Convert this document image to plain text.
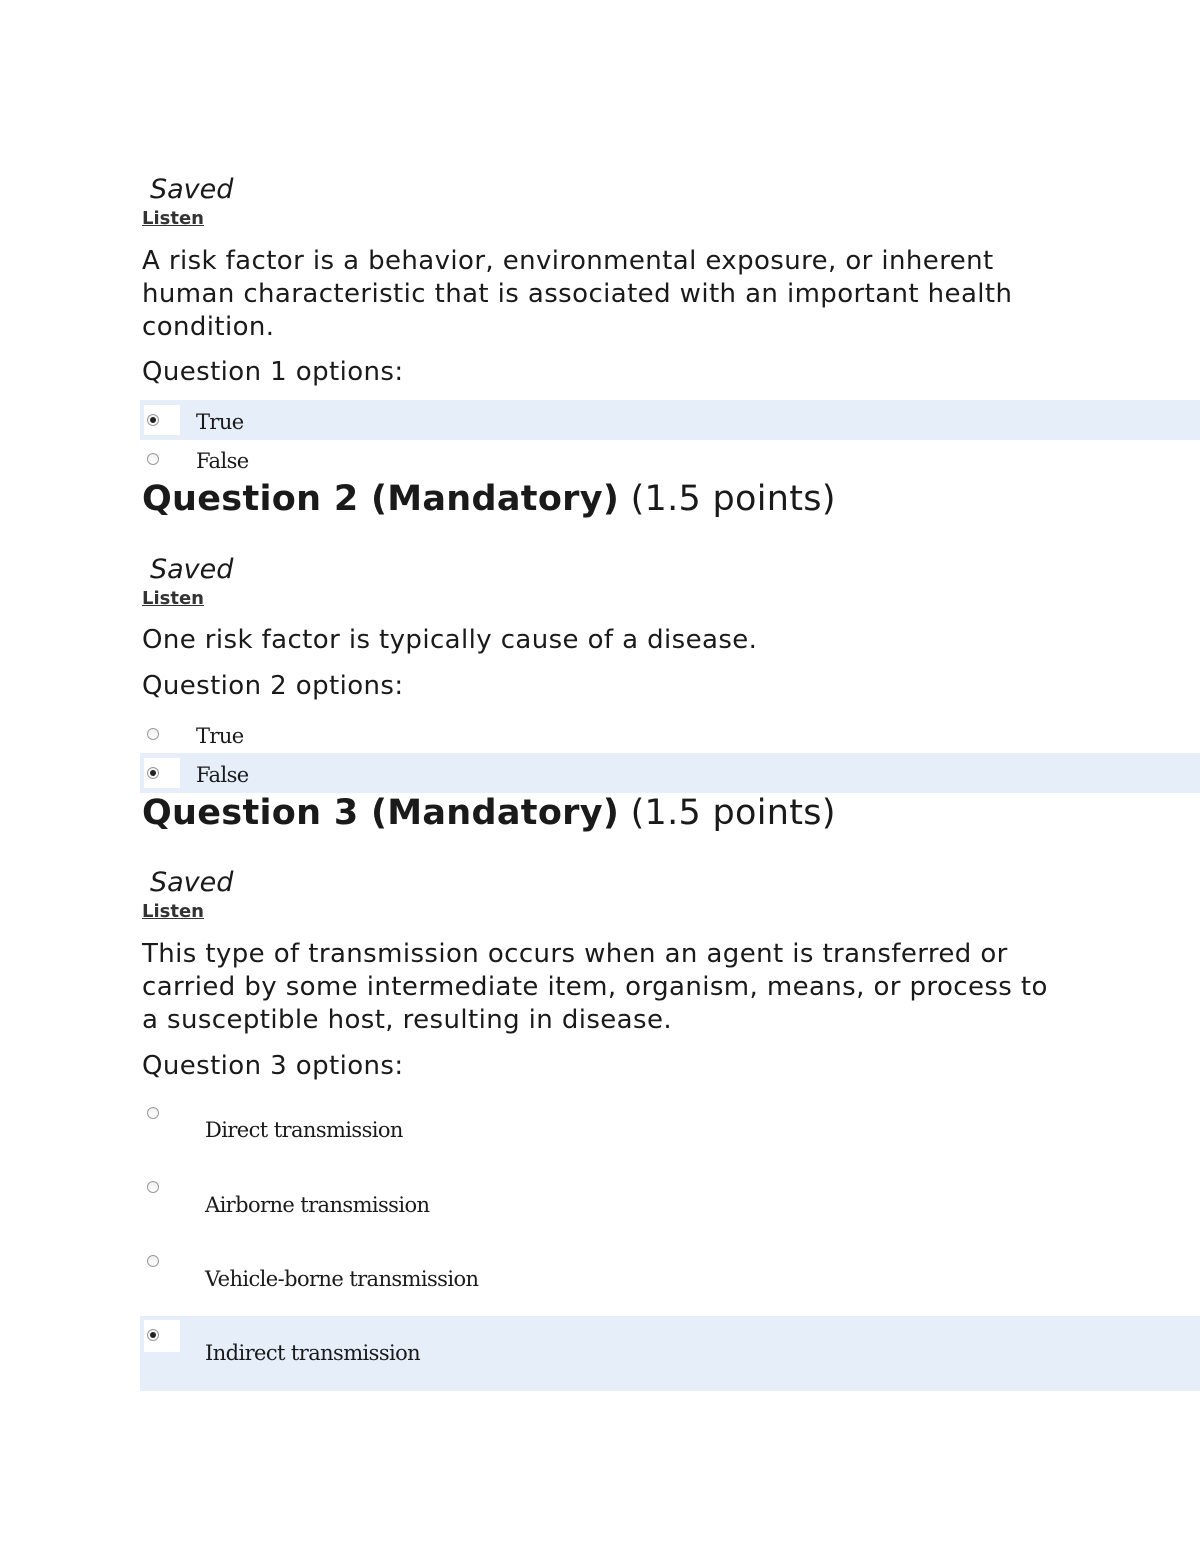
Saved
Listen
A risk factor is a behavior, environmental exposure, or inherent human characteristic that is associated with an important health condition.
Question 1 options:
True
False
Question 2 (Mandatory) (1.5 points)
Saved
Listen
One risk factor is typically cause of a disease.
Question 2 options:
True
False
Question 3 (Mandatory) (1.5 points)
Saved
Listen
This type of transmission occurs when an agent is transferred or carried by some intermediate item, organism, means, or process to a susceptible host, resulting in disease.
Question 3 options:
Direct transmission
Airborne transmission
Vehicle-borne transmission
Indirect transmission
